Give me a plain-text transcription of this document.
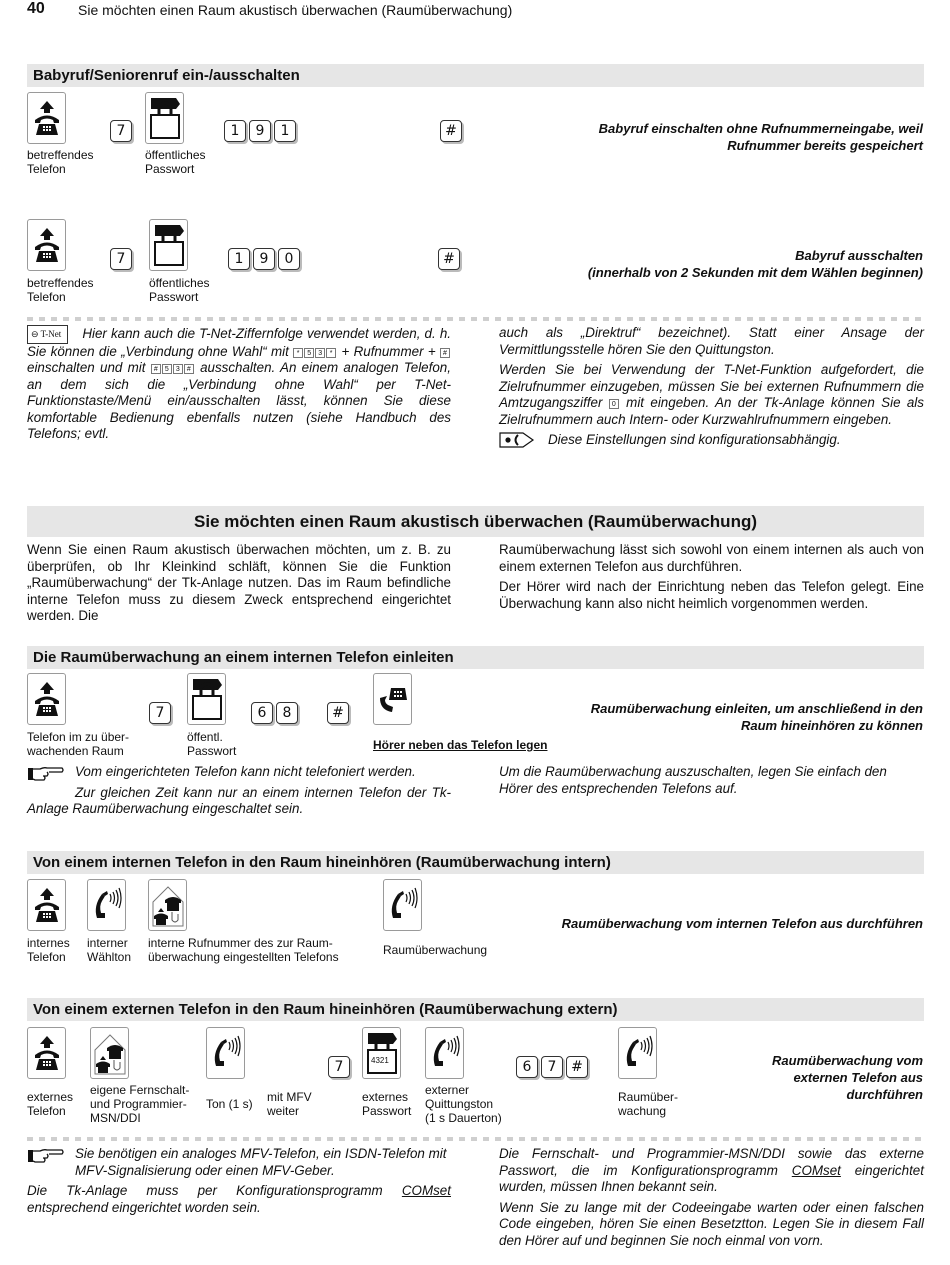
40 Sie möchten einen Raum akustisch überwachen (Raumüberwachung)
Babyruf/Seniorenruf ein-/ausschalten
7	1	9	1	#
betreffendes
Telefon
öffentliches
Passwort
Babyruf einschalten ohne Rufnummerneingabe, weil
Rufnummer bereits gespeichert
7	1	9	0	#
betreffendes
Telefon
öffentliches
Passwort
Babyruf ausschalten
(innerhalb von 2 Sekunden mit dem Wählen beginnen)
⊖ T-Net Hier kann auch die T-Net-Ziffernfolge verwendet werden, d. h. Sie können die „Verbindung ohne Wahl“ mit * 5 3 * + Rufnummer + # einschalten und mit # 5 3 # ausschalten. An einem analogen Telefon, an dem sich die „Verbindung ohne Wahl“ per T-Net-Funktionstaste/Menü ein/ausschalten lässt, können Sie diese komfortable Bedienung ebenfalls nutzen (siehe Handbuch des Telefons; evtl.

auch als „Direktruf“ bezeichnet). Statt einer Ansage der Vermittlungsstelle hören Sie den Quittungston.

Werden Sie bei Verwendung der T-Net-Funktion aufgefordert, die Zielrufnummer einzugeben, müssen Sie bei externen Rufnummern die Amtzugangsziffer 0 mit eingeben. An der Tk-Anlage können Sie als Zielrufnummern auch Intern- oder Kurzwahlrufnummern eingeben.

Diese Einstellungen sind konfigurationsabhängig.
Sie möchten einen Raum akustisch überwachen (Raumüberwachung)
Wenn Sie einen Raum akustisch überwachen möchten, um z. B. zu überprüfen, ob Ihr Kleinkind schläft, können Sie die Funktion „Raumüberwachung“ der Tk-Anlage nutzen. Das im Raum befindliche interne Telefon muss zu diesem Zweck entsprechend eingerichtet werden. Die

Raumüberwachung lässt sich sowohl von einem internen als auch von einem externen Telefon aus durchführen.

Der Hörer wird nach der Einrichtung neben das Telefon gelegt. Eine Überwachung kann also nicht heimlich vorgenommen werden.

Die Raumüberwachung an einem internen Telefon einleiten
7	6	8	#
Telefon im zu über-
wachenden Raum
öffentl.
Passwort	Hörer neben das Telefon legen
Raumüberwachung einleiten, um anschließend in den
Raum hineinhören zu können

Vom eingerichteten Telefon kann nicht telefoniert werden.

Zur gleichen Zeit kann nur an einem internen Telefon der Tk-Anlage Raumüberwachung eingeschaltet sein.

Um die Raumüberwachung auszuschalten, legen Sie einfach den Hörer des entsprechenden Telefons auf.
Von einem internen Telefon in den Raum hineinhören (Raumüberwachung intern)
internes
Telefon
interner
Wählton
interne Rufnummer des zur Raum-
überwachung eingestellten Telefons	Raumüberwachung
Raumüberwachung vom internen Telefon aus durchführen
Von einem externen Telefon in den Raum hineinhören (Raumüberwachung extern)
7	4321	6	7	#
externes
Telefon
eigene Fernschalt-
und Programmier-
MSN/DDI
Ton (1 s) mit MFV
weiter
externes
Passwort
externer
Quittungston
(1 s Dauerton)
Raumüber-
wachung
Raumüberwachung vom
externen Telefon aus
durchführen
Sie benötigen ein analoges MFV-Telefon, ein ISDN-Telefon mit MFV-Signalisierung oder einen MFV-Geber.
Die Tk-Anlage muss per Konfigurationsprogramm COMset entsprechend eingerichtet worden sein.

Die Fernschalt- und Programmier-MSN/DDI sowie das externe Passwort, die im Konfigurationsprogramm COMset eingerichtet wurden, müssen Ihnen bekannt sein.

Wenn Sie zu lange mit der Codeeingabe warten oder einen falschen Code eingeben, hören Sie einen Besetztton. Legen Sie in diesem Fall den Hörer auf und beginnen Sie noch einmal von vorn.
